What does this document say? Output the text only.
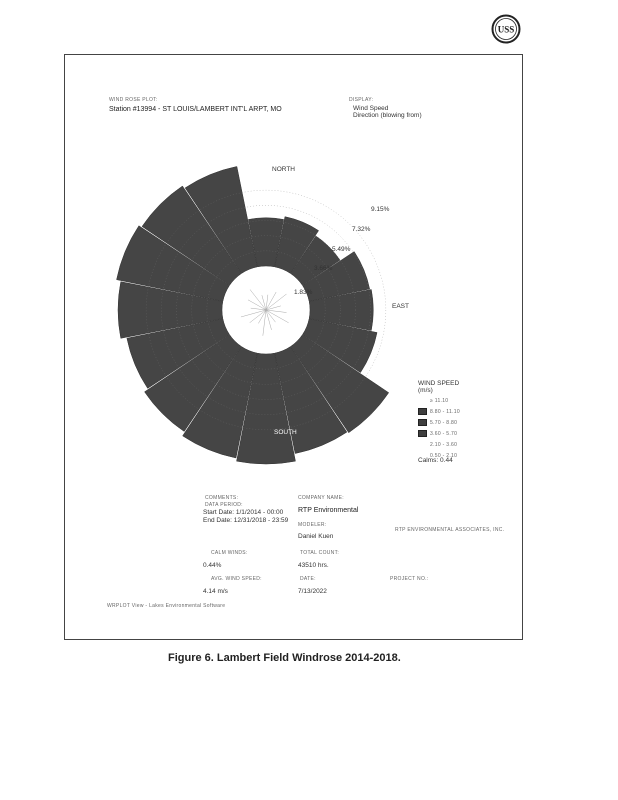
USS
WIND ROSE PLOT:
Station #13994 - ST LOUIS/LAMBERT INT'L ARPT, MO
DISPLAY:
Wind Speed
Direction (blowing from)
NORTH
EAST
1.83%
3.66%
5.49%
7.32%
9.15%
SOUTH
WIND SPEED
(m/s)
≥ 11.10
8.80 - 11.10
5.70 - 8.80
3.60 - 5.70
2.10 - 3.60
0.50 - 2.10
Calms: 0.44
COMMENTS:
DATA PERIOD:
Start Date: 1/1/2014 - 00:00
End Date: 12/31/2018 - 23:59
COMPANY NAME:
RTP Environmental
MODELER:
Daniel Kuen
RTP ENVIRONMENTAL ASSOCIATES, INC.
CALM WINDS:
0.44%
TOTAL COUNT:
43510 hrs.
AVG. WIND SPEED:
4.14 m/s
DATE:
7/13/2022
PROJECT NO.:
WRPLOT View - Lakes Environmental Software
Figure 6. Lambert Field Windrose 2014-2018.
